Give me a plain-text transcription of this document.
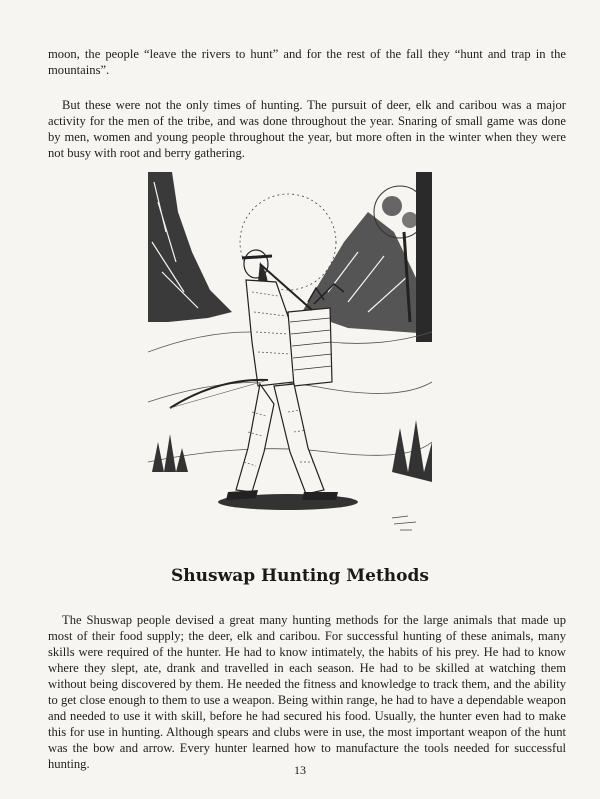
moon, the people “leave the rivers to hunt” and for the rest of the fall they “hunt and trap in the mountains”.

But these were not the only times of hunting. The pursuit of deer, elk and caribou was a major activity for the men of the tribe, and was done throughout the year. Snaring of small game was done by men, women and young people throughout the year, but more often in the winter when they were not busy with root and berry gathering.

Shuswap Hunting Methods

The Shuswap people devised a great many hunting methods for the large animals that made up most of their food supply; the deer, elk and caribou. For successful hunting of these animals, many skills were required of the hunter. He had to know intimately, the habits of his prey. He had to know where they slept, ate, drank and travelled in each season. He had to be skilled at watching them without being discovered by them. He needed the fitness and knowledge to track them, and the ability to get close enough to them to use a weapon. Being within range, he had to have a dependable weapon and needed to use it with skill, before he had secured his food. Usually, the hunter even had to make this for use in hunting. Although spears and clubs were in use, the most important weapon of the hunt was the bow and arrow. Every hunter learned how to manufacture the tools needed for successful hunting.	13
